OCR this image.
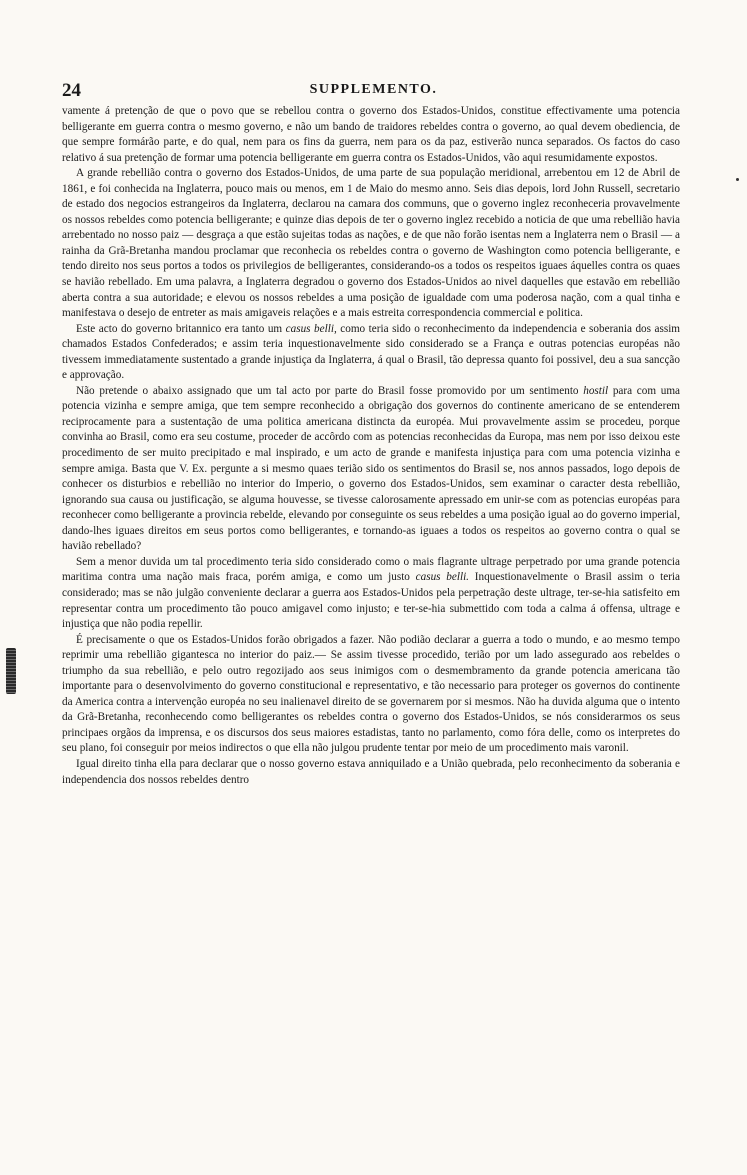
24	SUPPLEMENTO.

vamente á pretenção de que o povo que se rebellou contra o governo dos Estados-Unidos, constitue effectivamente uma potencia belligerante em guerra contra o mesmo governo, e não um bando de traidores rebeldes contra o governo, ao qual devem obediencia, de que sempre formárão parte, e do qual, nem para os fins da guerra, nem para os da paz, estiverão nunca separados. Os factos do caso relativo á sua pretenção de formar uma potencia belligerante em guerra contra os Estados-Unidos, vão aqui resumidamente expostos.

A grande rebellião contra o governo dos Estados-Unidos, de uma parte de sua população meridional, arrebentou em 12 de Abril de 1861, e foi conhecida na Inglaterra, pouco mais ou menos, em 1 de Maio do mesmo anno. Seis dias depois, lord John Russell, secretario de estado dos negocios estrangeiros da Inglaterra, declarou na camara dos communs, que o governo inglez reconheceria provavelmente os nossos rebeldes como potencia belligerante; e quinze dias depois de ter o governo inglez recebido a noticia de que uma rebellião havia arrebentado no nosso paiz — desgraça a que estão sujeitas todas as nações, e de que não forão isentas nem a Inglaterra nem o Brasil — a rainha da Grã-Bretanha mandou proclamar que reconhecia os rebeldes contra o governo de Washington como potencia belligerante, e tendo direito nos seus portos a todos os privilegios de belligerantes, considerando-os a todos os respeitos iguaes áquelles contra os quaes se havião rebellado. Em uma palavra, a Inglaterra degradou o governo dos Estados-Unidos ao nivel daquelles que estavão em rebellião aberta contra a sua autoridade; e elevou os nossos rebeldes a uma posição de igualdade com uma poderosa nação, com a qual tinha e manifestava o desejo de entreter as mais amigaveis relações e a mais estreita correspondencia commercial e politica.

Este acto do governo britannico era tanto um casus belli, como teria sido o reconhecimento da independencia e soberania dos assim chamados Estados Confederados; e assim teria inquestionavelmente sido considerado se a França e outras potencias européas não tivessem immediatamente sustentado a grande injustiça da Inglaterra, á qual o Brasil, tão depressa quanto foi possivel, deu a sua sancção e approvação.

Não pretende o abaixo assignado que um tal acto por parte do Brasil fosse promovido por um sentimento hostil para com uma potencia vizinha e sempre amiga, que tem sempre reconhecido a obrigação dos governos do continente americano de se entenderem reciprocamente para a sustentação de uma politica americana distincta da européa. Mui provavelmente assim se procedeu, porque convinha ao Brasil, como era seu costume, proceder de accôrdo com as potencias reconhecidas da Europa, mas nem por isso deixou este procedimento de ser muito precipitado e mal inspirado, e um acto de grande e manifesta injustiça para com uma potencia vizinha e sempre amiga. Basta que V. Ex. pergunte a si mesmo quaes terião sido os sentimentos do Brasil se, nos annos passados, logo depois de conhecer os disturbios e rebellião no interior do Imperio, o governo dos Estados-Unidos, sem examinar o caracter desta rebellião, ignorando sua causa ou justificação, se alguma houvesse, se tivesse calorosamente apressado em unir-se com as potencias européas para reconhecer como belligerante a provincia rebelde, elevando por conseguinte os seus rebeldes a uma posição igual ao do governo imperial, dando-lhes iguaes direitos em seus portos como belligerantes, e tornando-as iguaes a todos os respeitos ao governo contra o qual se havião rebellado?

Sem a menor duvida um tal procedimento teria sido considerado como o mais flagrante ultrage perpetrado por uma grande potencia maritima contra uma nação mais fraca, porém amiga, e como um justo casus belli. Inquestionavelmente o Brasil assim o teria considerado; mas se não julgão conveniente declarar a guerra aos Estados-Unidos pela perpetração deste ultrage, ter-se-hia satisfeito em representar contra um procedimento tão pouco amigavel como injusto; e ter-se-hia submettido com toda a calma á offensa, ultrage e injustiça que não podia repellir.

É precisamente o que os Estados-Unidos forão obrigados a fazer. Não podião declarar a guerra a todo o mundo, e ao mesmo tempo reprimir uma rebellião gigantesca no interior do paiz.— Se assim tivesse procedido, terião por um lado assegurado aos rebeldes o triumpho da sua rebellião, e pelo outro regozijado aos seus inimigos com o desmembramento da grande potencia americana tão importante para o desenvolvimento do governo constitucional e representativo, e tão necessario para proteger os governos do continente da America contra a intervenção européa no seu inalienavel direito de se governarem por si mesmos. Não ha duvida alguma que o intento da Grã-Bretanha, reconhecendo como belligerantes os rebeldes contra o governo dos Estados-Unidos, se nós considerarmos os seus principaes orgãos da imprensa, e os discursos dos seus maiores estadistas, tanto no parlamento, como fóra delle, como os interpretes do seu plano, foi conseguir por meios indirectos o que ella não julgou prudente tentar por meio de um procedimento mais varonil.

Igual direito tinha ella para declarar que o nosso governo estava anniquilado e a União quebrada, pelo reconhecimento da soberania e independencia dos nossos rebeldes dentro
